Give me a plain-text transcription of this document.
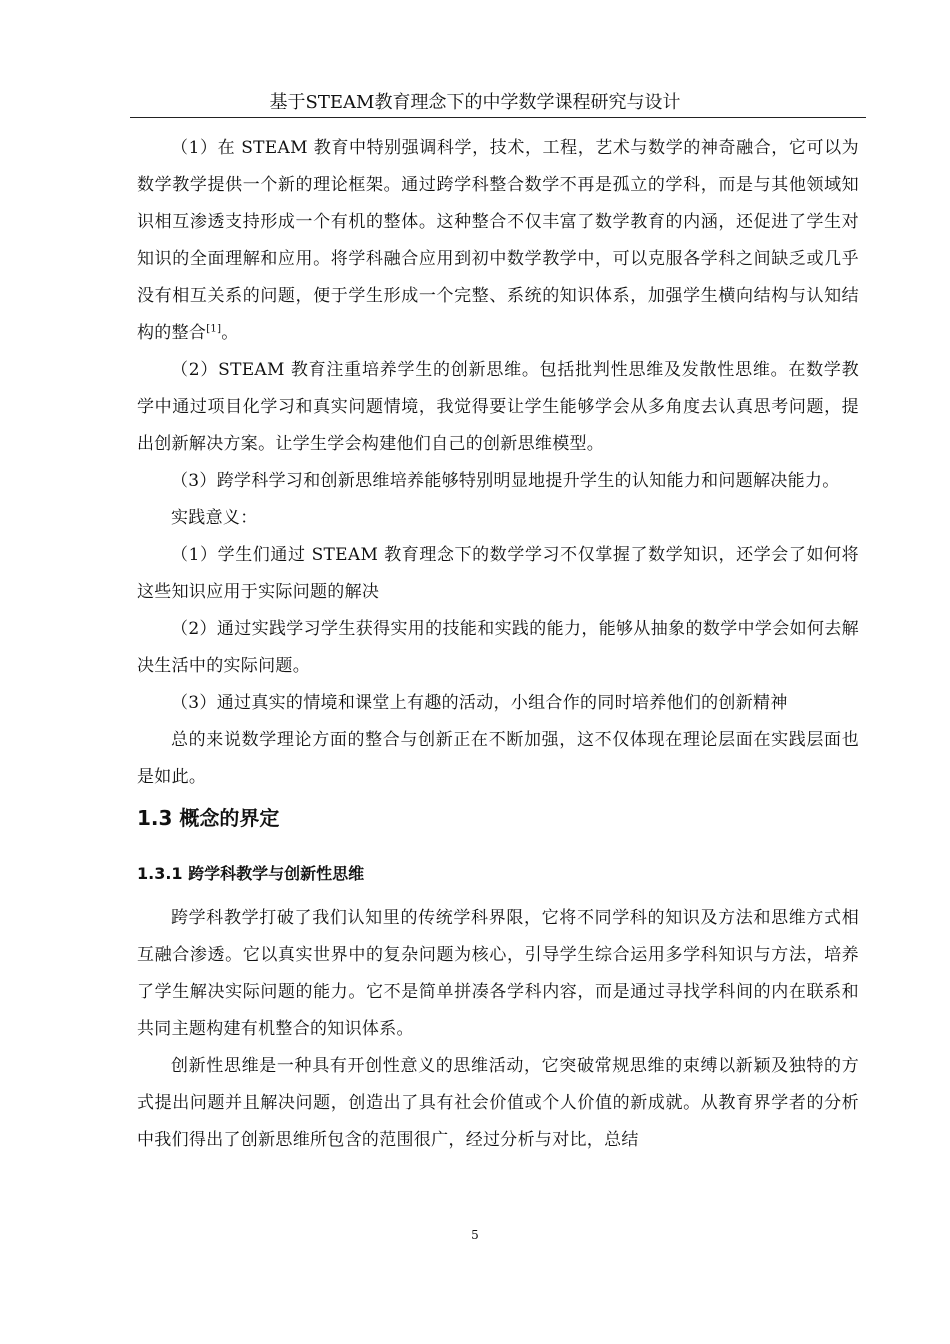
基于STEAM教育理念下的中学数学课程研究与设计

（1）在 STEAM 教育中特别强调科学，技术，工程，艺术与数学的神奇融合，它可以为数学教学提供一个新的理论框架。通过跨学科整合数学不再是孤立的学科，而是与其他领域知识相互渗透支持形成一个有机的整体。这种整合不仅丰富了数学教育的内涵，还促进了学生对知识的全面理解和应用。将学科融合应用到初中数学教学中，可以克服各学科之间缺乏或几乎没有相互关系的问题，便于学生形成一个完整、系统的知识体系，加强学生横向结构与认知结构的整合[1]。

（2）STEAM 教育注重培养学生的创新思维。包括批判性思维及发散性思维。在数学教学中通过项目化学习和真实问题情境，我觉得要让学生能够学会从多角度去认真思考问题，提出创新解决方案。让学生学会构建他们自己的创新思维模型。

（3）跨学科学习和创新思维培养能够特别明显地提升学生的认知能力和问题解决能力。

实践意义：

（1）学生们通过 STEAM 教育理念下的数学学习不仅掌握了数学知识，还学会了如何将这些知识应用于实际问题的解决

（2）通过实践学习学生获得实用的技能和实践的能力，能够从抽象的数学中学会如何去解决生活中的实际问题。

（3）通过真实的情境和课堂上有趣的活动，小组合作的同时培养他们的创新精神

总的来说数学理论方面的整合与创新正在不断加强，这不仅体现在理论层面在实践层面也是如此。

1.3 概念的界定
1.3.1 跨学科教学与创新性思维

跨学科教学打破了我们认知里的传统学科界限，它将不同学科的知识及方法和思维方式相互融合渗透。它以真实世界中的复杂问题为核心，引导学生综合运用多学科知识与方法，培养了学生解决实际问题的能力。它不是简单拼凑各学科内容，而是通过寻找学科间的内在联系和共同主题构建有机整合的知识体系。

创新性思维是一种具有开创性意义的思维活动，它突破常规思维的束缚以新颖及独特的方式提出问题并且解决问题，创造出了具有社会价值或个人价值的新成就。从教育界学者的分析中我们得出了创新思维所包含的范围很广，经过分析与对比，总结

5
